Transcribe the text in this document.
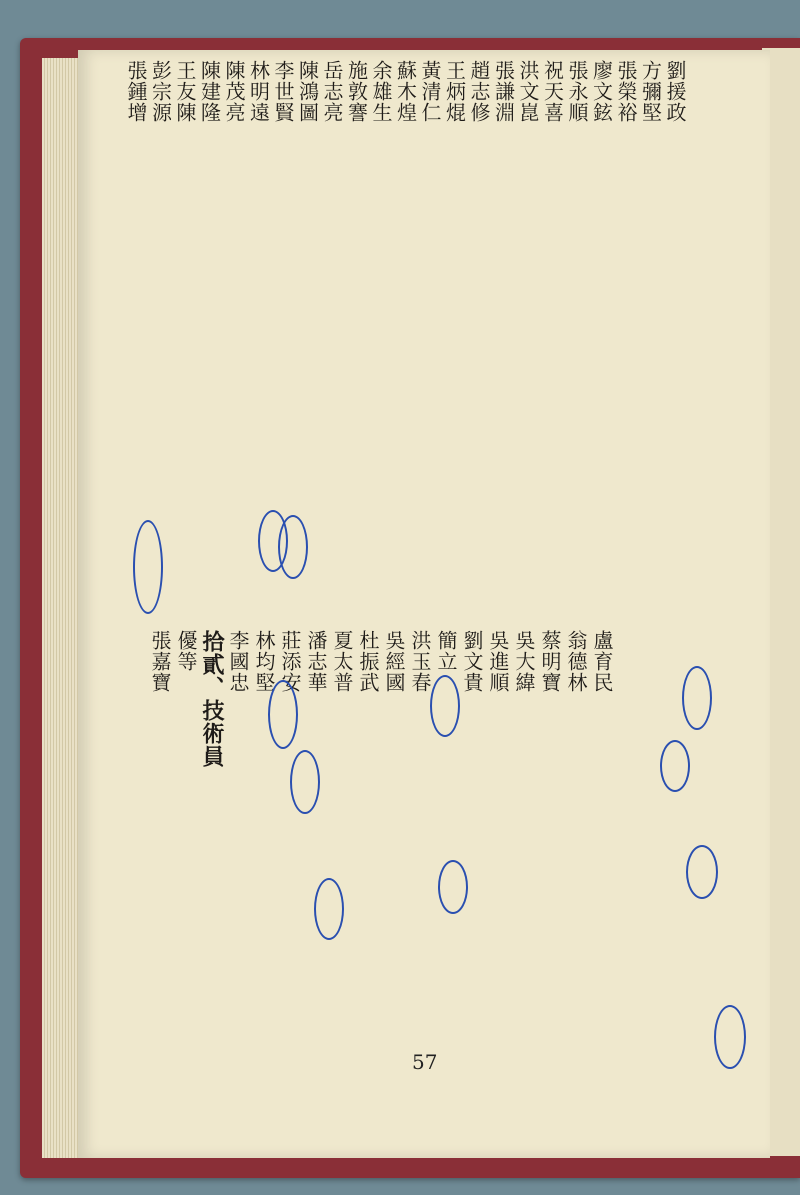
張鍾增 彭宗源 王友陳 陳建隆 陳茂亮 林明遠 李世賢 陳鴻圖 岳志亮 施敦謇 余雄生 蘇木煌 黃清仁 王炳焜 趙志修 張謙淵 洪文崑 祝天喜 張永順 廖文鉉 張榮裕 方彌堅 劉援政
張嘉寶 優等 拾貳、技術員 李國忠 林均堅 莊添安 潘志華 夏太普 杜振武 吳經國 洪玉春 簡立 劉文貴 吳進順 吳大緯 蔡明寶 翁德林 盧育民
57
